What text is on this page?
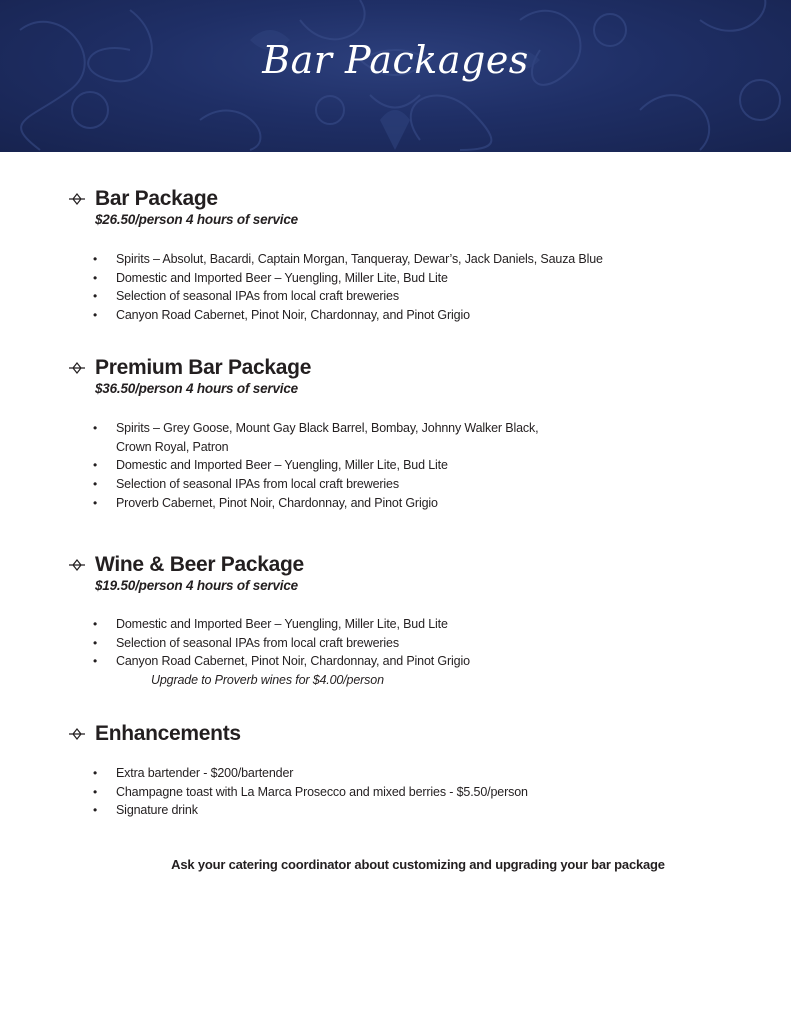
Bar Packages
Bar Package
$26.50/person 4 hours of service
• Spirits – Absolut, Bacardi, Captain Morgan, Tanqueray, Dewar’s, Jack Daniels, Sauza Blue
• Domestic and Imported Beer – Yuengling, Miller Lite, Bud Lite
• Selection of seasonal IPAs from local craft breweries
• Canyon Road Cabernet, Pinot Noir, Chardonnay, and Pinot Grigio
Premium Bar Package
$36.50/person 4 hours of service
• Spirits – Grey Goose, Mount Gay Black Barrel, Bombay, Johnny Walker Black,
Crown Royal, Patron
• Domestic and Imported Beer – Yuengling, Miller Lite, Bud Lite
• Selection of seasonal IPAs from local craft breweries
• Proverb Cabernet, Pinot Noir, Chardonnay, and Pinot Grigio
Wine & Beer Package
$19.50/person 4 hours of service
• Domestic and Imported Beer – Yuengling, Miller Lite, Bud Lite
• Selection of seasonal IPAs from local craft breweries
• Canyon Road Cabernet, Pinot Noir, Chardonnay, and Pinot Grigio
Upgrade to Proverb wines for $4.00/person
Enhancements
• Extra bartender - $200/bartender
• Champagne toast with La Marca Prosecco and mixed berries - $5.50/person
• Signature drink
Ask your catering coordinator about customizing and upgrading your bar package
